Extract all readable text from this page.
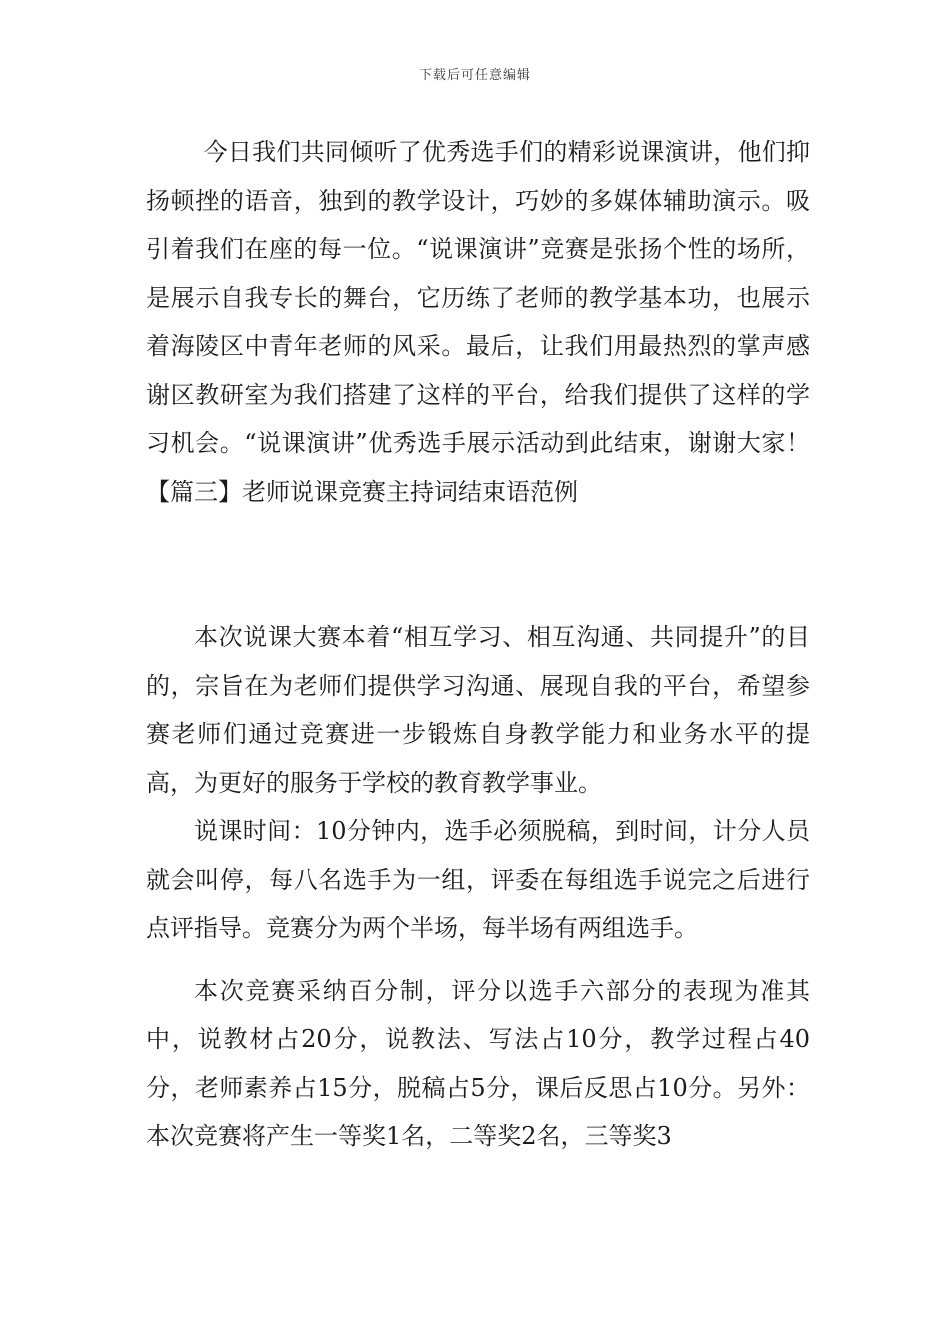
下载后可任意编辑

今日我们共同倾听了优秀选手们的精彩说课演讲，他们抑扬顿挫的语音，独到的教学设计，巧妙的多媒体辅助演示。吸引着我们在座的每一位。“说课演讲”竞赛是张扬个性的场所，是展示自我专长的舞台，它历练了老师的教学基本功，也展示着海陵区中青年老师的风采。最后，让我们用最热烈的掌声感谢区教研室为我们搭建了这样的平台，给我们提供了这样的学习机会。“说课演讲”优秀选手展示活动到此结束，谢谢大家！【篇三】老师说课竞赛主持词结束语范例

本次说课大赛本着“相互学习、相互沟通、共同提升”的目的，宗旨在为老师们提供学习沟通、展现自我的平台，希望参赛老师们通过竞赛进一步锻炼自身教学能力和业务水平的提高，为更好的服务于学校的教育教学事业。

说课时间：10分钟内，选手必须脱稿，到时间，计分人员就会叫停，每八名选手为一组，评委在每组选手说完之后进行点评指导。竞赛分为两个半场，每半场有两组选手。

本次竞赛采纳百分制，评分以选手六部分的表现为准其中，说教材占20分，说教法、写法占10分，教学过程占40分，老师素养占15分，脱稿占5分，课后反思占10分。另外：本次竞赛将产生一等奖1名，二等奖2名，三等奖3
